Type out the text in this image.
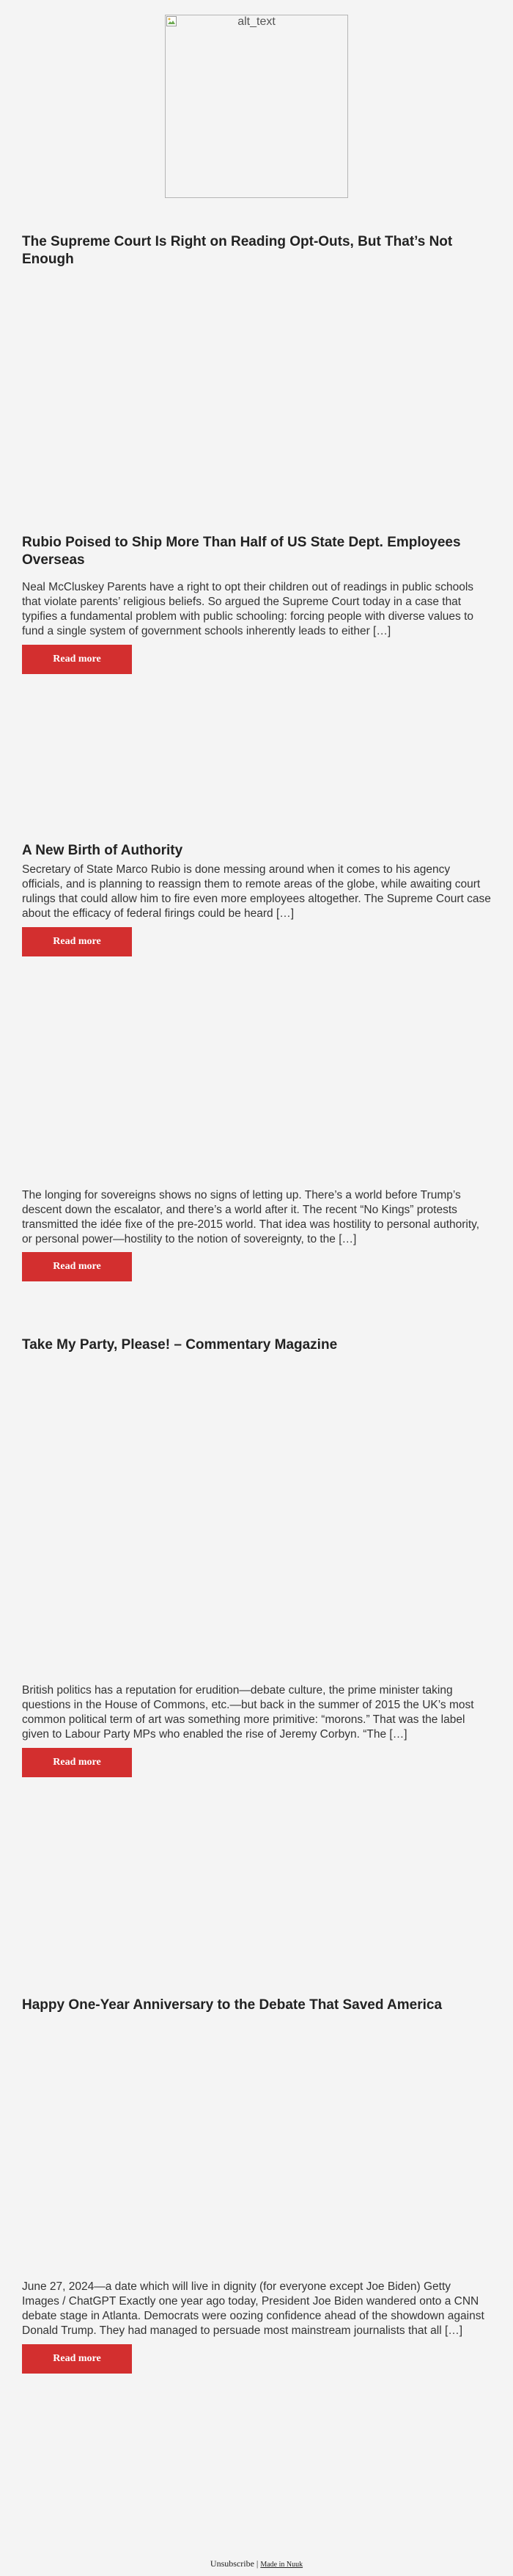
alt_text
The Supreme Court Is Right on Reading Opt-Outs, But That’s Not Enough

Neal McCluskey Parents have a right to opt their children out of readings in public schools that violate parents’ religious beliefs. So argued the Supreme Court today in a case that typifies a fundamental problem with public schooling: forcing people with diverse values to fund a single system of government schools inherently leads to either […]

Read more
Rubio Poised to Ship More Than Half of US State Dept. Employees Overseas

Secretary of State Marco Rubio is done messing around when it comes to his agency officials, and is planning to reassign them to remote areas of the globe, while awaiting court rulings that could allow him to fire even more employees altogether. The Supreme Court case about the efficacy of federal firings could be heard […]

Read more
A New Birth of Authority

The longing for sovereigns shows no signs of letting up. There’s a world before Trump’s descent down the escalator, and there’s a world after it. The recent “No Kings” protests transmitted the idée fixe of the pre-2015 world. That idea was hostility to personal authority, or personal power—hostility to the notion of sovereignty, to the […]

Read more
Take My Party, Please! – Commentary Magazine

British politics has a reputation for erudition—debate culture, the prime minister taking questions in the House of Commons, etc.—but back in the summer of 2015 the UK’s most common political term of art was something more primitive: “morons.” That was the label given to Labour Party MPs who enabled the rise of Jeremy Corbyn. “The […]

Read more
Happy One-Year Anniversary to the Debate That Saved America

June 27, 2024—a date which will live in dignity (for everyone except Joe Biden) Getty Images / ChatGPT Exactly one year ago today, President Joe Biden wandered onto a CNN debate stage in Atlanta. Democrats were oozing confidence ahead of the showdown against Donald Trump. They had managed to persuade most mainstream journalists that all […]

Read more
Unsubscribe | Made in Nuuk
